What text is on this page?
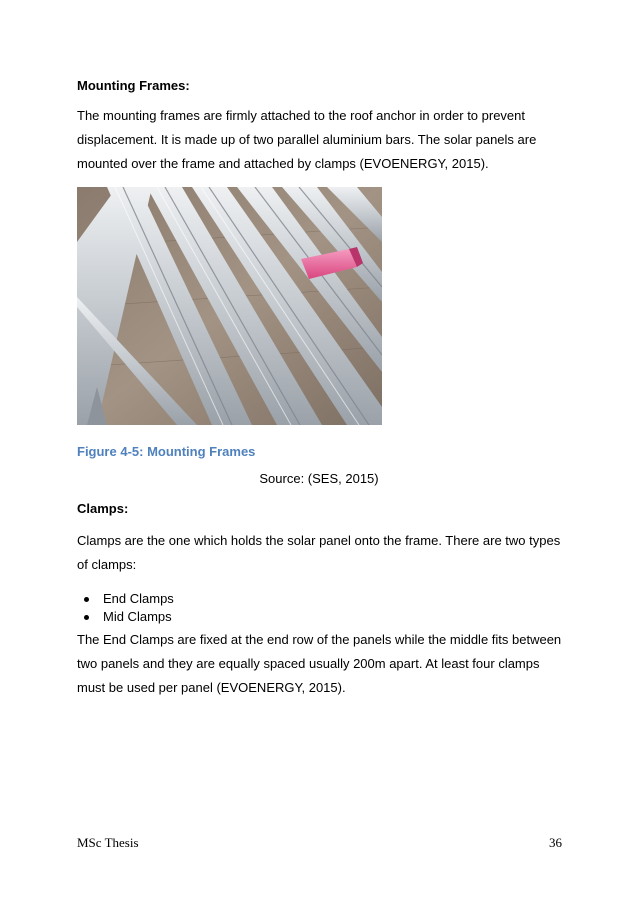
Mounting Frames:

The mounting frames are firmly attached to the roof anchor in order to prevent
displacement. It is made up of two parallel aluminium bars. The solar panels are
mounted over the frame and attached by clamps (EVOENERGY, 2015).

Figure 4-5: Mounting Frames

Source: (SES, 2015)

Clamps:

Clamps are the one which holds the solar panel onto the frame. There are two types
of clamps:
End Clamps
Mid Clamps
The End Clamps are fixed at the end row of the panels while the middle fits between
two panels and they are equally spaced usually 200m apart. At least four clamps
must be used per panel (EVOENERGY, 2015).

MSc Thesis	36
